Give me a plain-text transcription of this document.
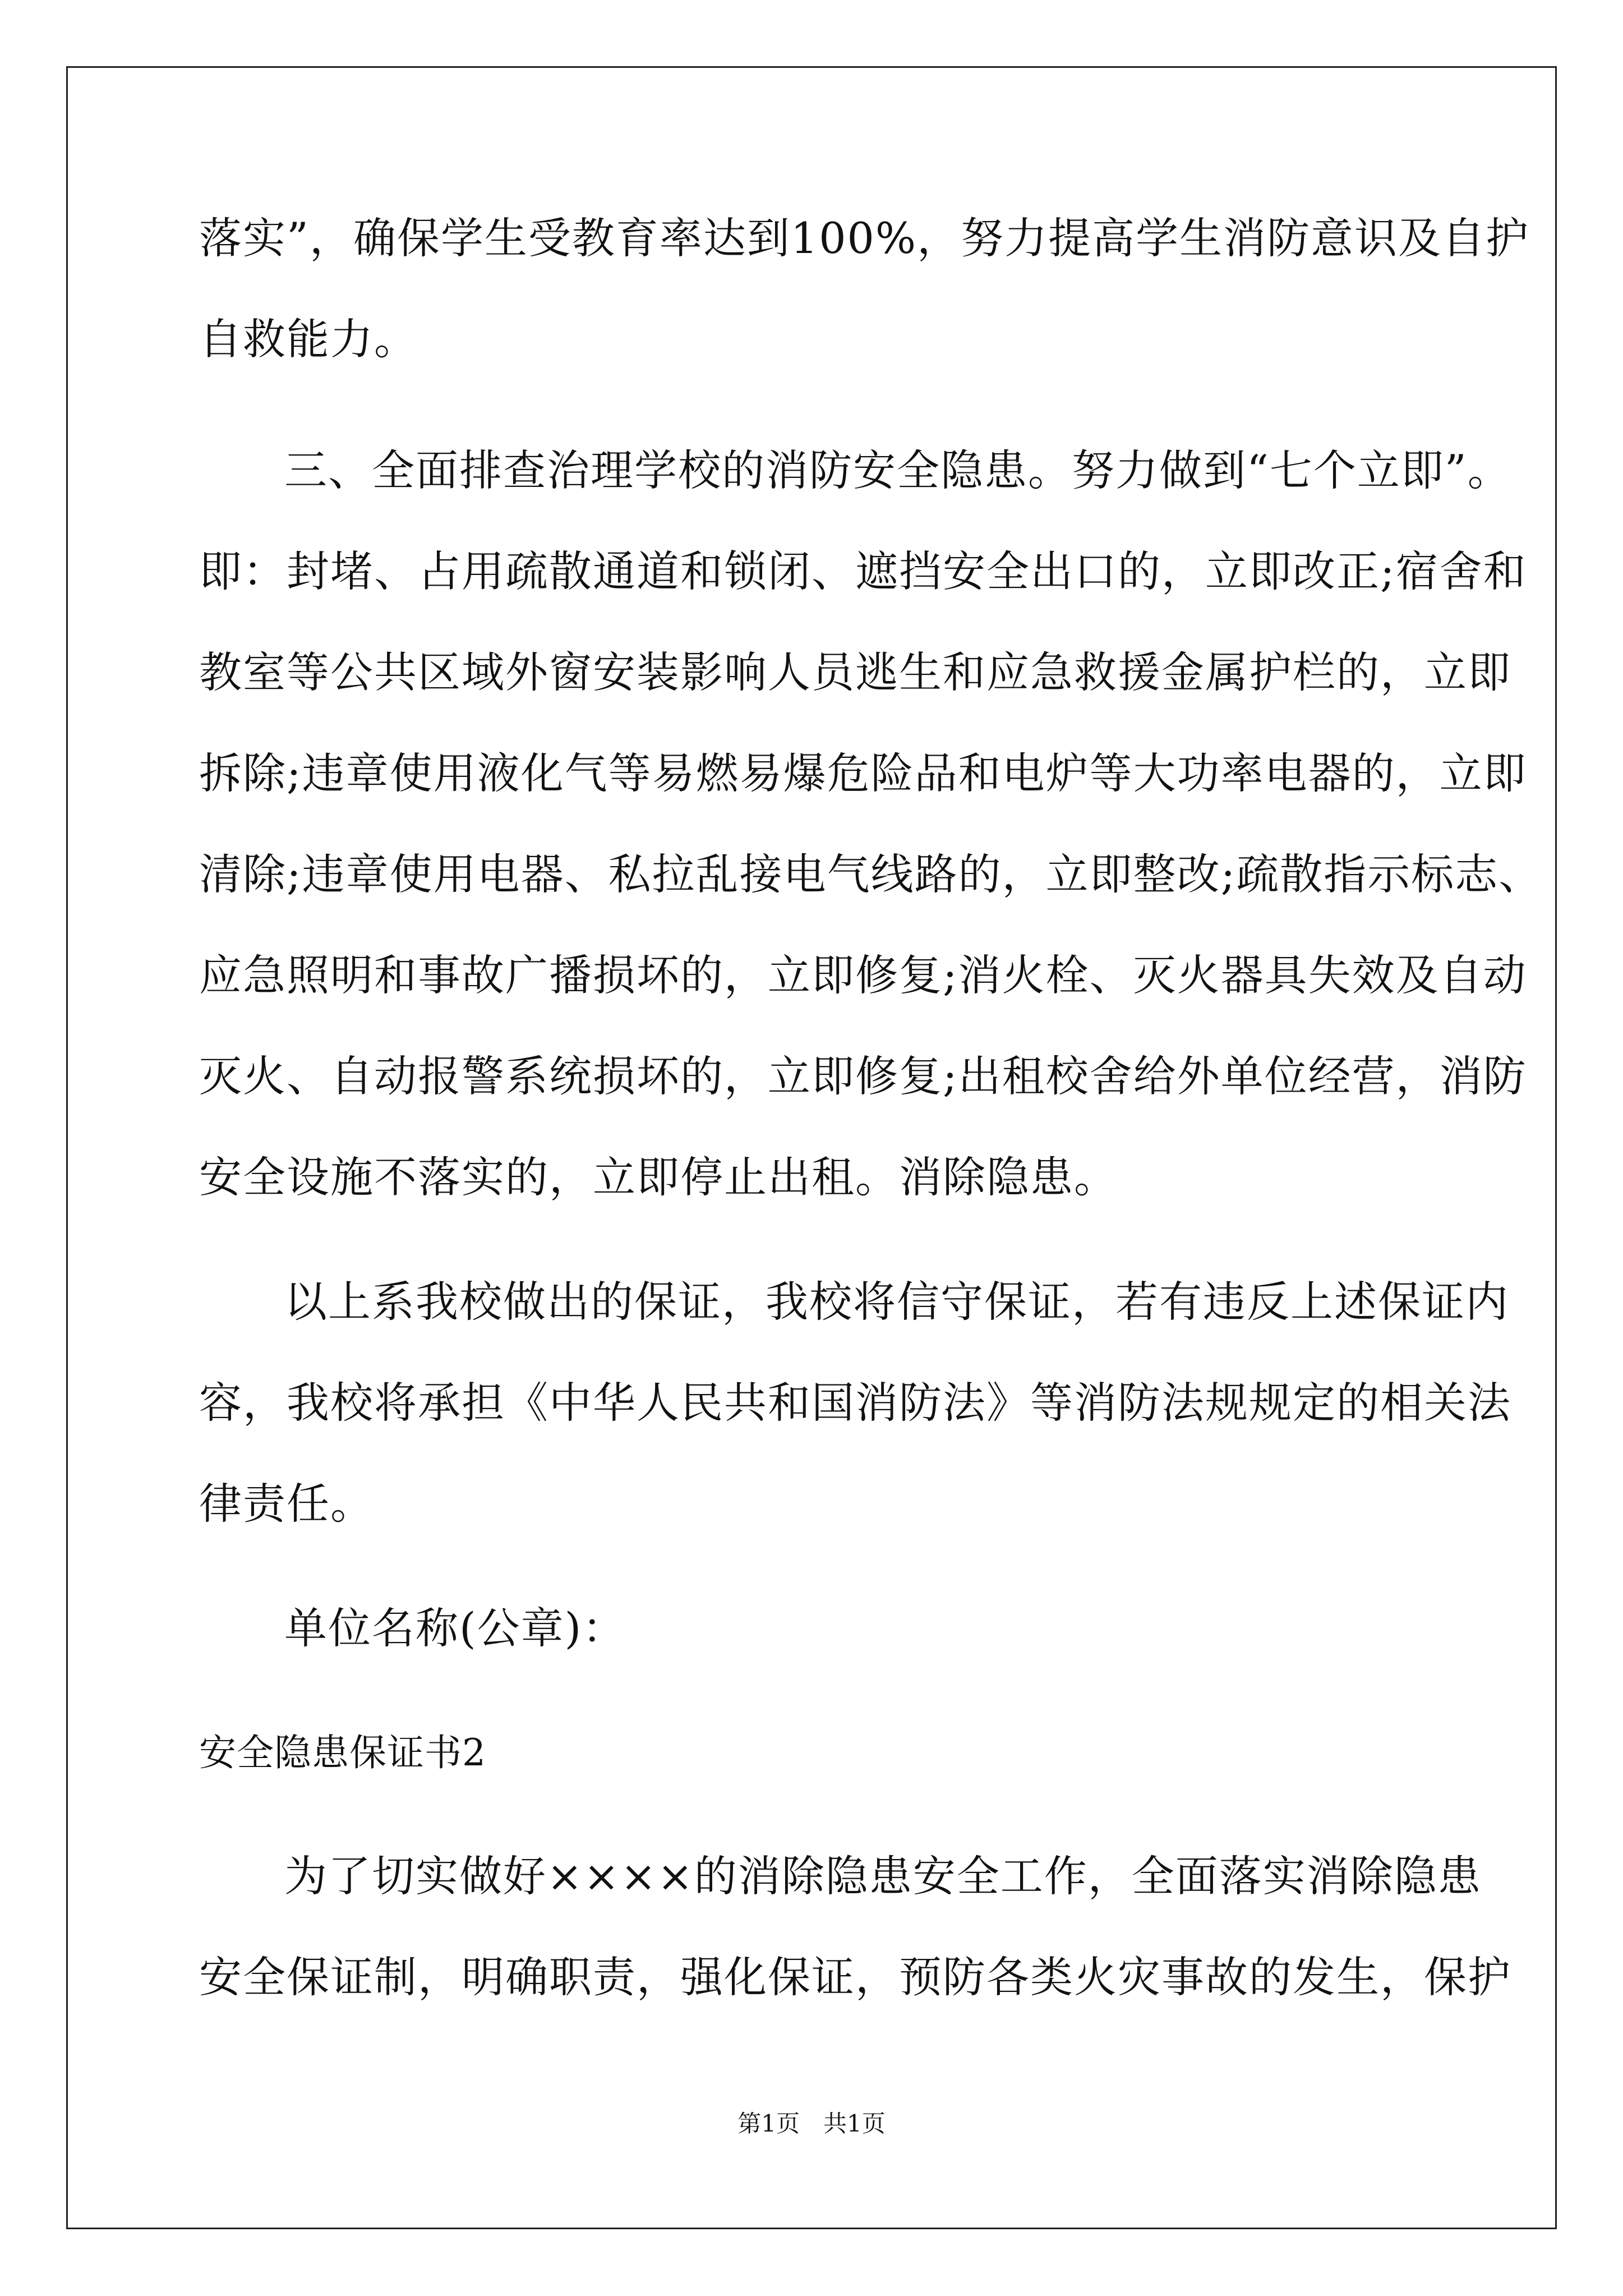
落实”，确保学生受教育率达到100%，努力提高学生消防意识及自护
自救能力。
三、全面排查治理学校的消防安全隐患。努力做到“七个立即”。
即：封堵、占用疏散通道和锁闭、遮挡安全出口的，立即改正;宿舍和
教室等公共区域外窗安装影响人员逃生和应急救援金属护栏的，立即
拆除;违章使用液化气等易燃易爆危险品和电炉等大功率电器的，立即
清除;违章使用电器、私拉乱接电气线路的，立即整改;疏散指示标志、
应急照明和事故广播损坏的，立即修复;消火栓、灭火器具失效及自动
灭火、自动报警系统损坏的，立即修复;出租校舍给外单位经营，消防
安全设施不落实的，立即停止出租。消除隐患。
以上系我校做出的保证，我校将信守保证，若有违反上述保证内
容，我校将承担《中华人民共和国消防法》等消防法规规定的相关法
律责任。
单位名称(公章)：
安全隐患保证书2
为了切实做好××××的消除隐患安全工作，全面落实消除隐患
安全保证制，明确职责，强化保证，预防各类火灾事故的发生，保护
第1页 共1页
